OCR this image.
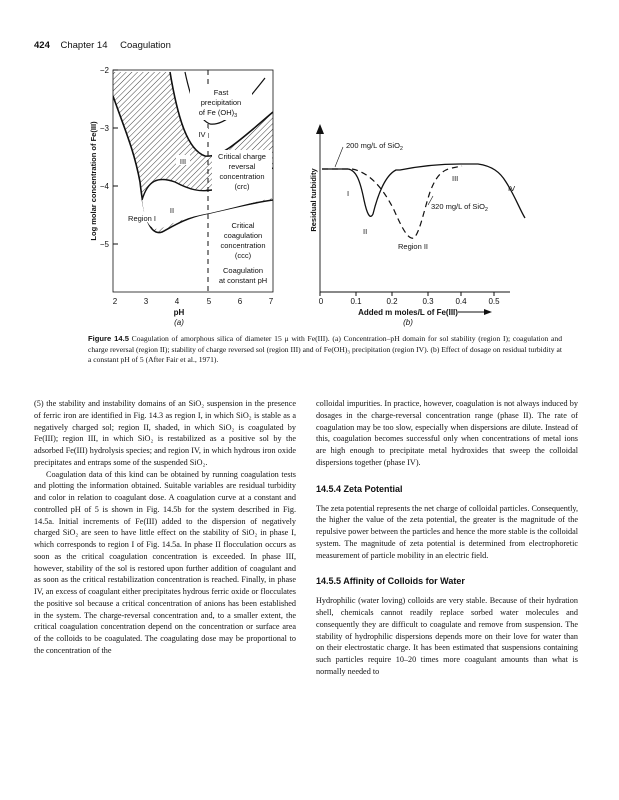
424 Chapter 14 Coagulation
−2
−3
−4
−5
Log molar concentration of Fe(III)
2	3	4	5	6	7
pH
(a)
Fast
precipitation
of Fe $(OH)_3$
IV
III
Critical charge
reversal
concentration
(crc)
II
Region I
Critical
coagulation
concentration
(ccc)
Coagulation
at constant pH
Residual turbidity
200 mg/L of SiO$_2$
320 mg/L of SiO$_2$
I
II
III
IV
Region II
0	0.1	0.2	0.3	0.4	0.5
Added m moles/L of Fe(III)
(b)
Figure 14.5 Coagulation of amorphous silica of diameter 15 μ with Fe(III). (a) Concentration–pH domain for sol stability (region I); coagulation and charge reversal (region II); stability of charge reversed sol (region III) and of Fe(OH)₃ precipitation (region IV). (b) Effect of dosage on residual turbidity at a constant pH of 5 (After Fair et al., 1971).

(5) the stability and instability domains of an SiO₂ suspension in the presence of ferric iron are identified in Fig. 14.3 as region I, in which SiO₂ is stable as a negatively charged sol; region II, shaded, in which SiO₂ is coagulated by Fe(III); region III, in which SiO₂ is restabilized as a positive sol by the adsorbed Fe(III) hydrolysis species; and region IV, in which hydrous iron oxide precipitates and entraps some of the suspended SiO₂.

Coagulation data of this kind can be obtained by running coagulation tests and plotting the information obtained. Suitable variables are residual turbidity and color in relation to coagulant dose. A coagulation curve at a constant and controlled pH of 5 is shown in Fig. 14.5b for the system described in Fig. 14.5a. Initial increments of Fe(III) added to the dispersion of negatively charged SiO₂ are seen to have little effect on the stability of SiO₂ in phase I, which corresponds to region I of Fig. 14.5a. In phase II flocculation occurs as soon as the critical coagulation concentration is exceeded. In phase III, however, stability of the sol is restored upon further addition of coagulant and as soon as the critical restabilization concentration is reached. Finally, in phase IV, an excess of coagulant either precipitates hydrous ferric oxide or flocculates the positive sol because a critical concentration of anions has been established in the system. The charge-reversal concentration and, to a smaller extent, the critical coagulation concentration depend on the concentration or surface area of the colloids to be coagulated. The coagulating dose may be proportional to the concentration of the

colloidal impurities. In practice, however, coagulation is not always induced by dosages in the charge-reversal concentration range (phase II). The rate of coagulation may be too slow, especially when dispersions are dilute. Instead of this, coagulation becomes successful only when concentrations of metal ions are high enough to precipitate metal hydroxides that sweep the colloidal dispersions together (phase IV).

14.5.4 Zeta Potential

The zeta potential represents the net charge of colloidal particles. Consequently, the higher the value of the zeta potential, the greater is the magnitude of the repulsive power between the particles and hence the more stable is the colloidal system. The magnitude of zeta potential is determined from electrophoretic measurement of particle mobility in an electric field.

14.5.5 Affinity of Colloids for Water

Hydrophilic (water loving) colloids are very stable. Because of their hydration shell, chemicals cannot readily replace sorbed water molecules and consequently they are difficult to coagulate and remove from suspension. The stability of hydrophilic dispersions depends more on their love for water than on their electrostatic charge. It has been estimated that suspensions containing such particles require 10–20 times more coagulant amounts than what is normally needed to
